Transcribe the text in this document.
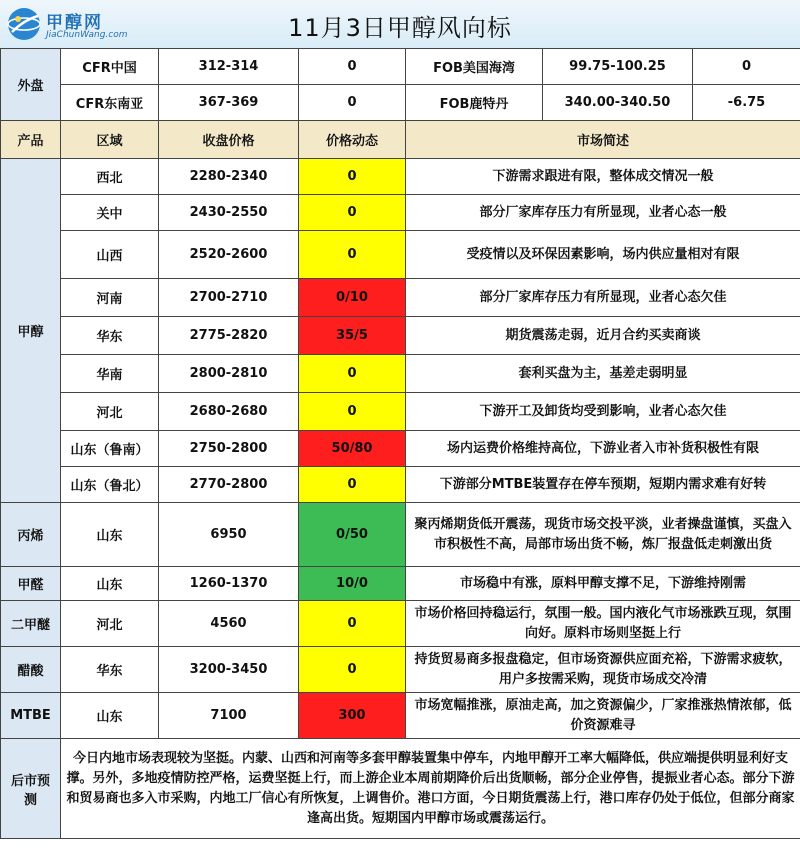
甲醇网
JiaChunWang.com	11月3日甲醇风向标
外盘	CFR中国	312-314	0	FOB美国海湾	99.75-100.25	0
	CFR东南亚	367-369	0	FOB鹿特丹	340.00-340.50	-6.75
产品	区域	收盘价格	价格动态	市场简述		
甲醇	西北	2280-2340	0	下游需求跟进有限，整体成交情况一般		
	关中	2430-2550	0	部分厂家库存压力有所显现，业者心态一般		
	山西	2520-2600	0	受疫情以及环保因素影响，场内供应量相对有限		
	河南	2700-2710	0/10	部分厂家库存压力有所显现，业者心态欠佳		
	华东	2775-2820	35/5	期货震荡走弱，近月合约买卖商谈		
	华南	2800-2810	0	套利买盘为主，基差走弱明显		
	河北	2680-2680	0	下游开工及卸货均受到影响，业者心态欠佳		
	山东（鲁南）	2750-2800	50/80	场内运费价格维持高位，下游业者入市补货积极性有限		
	山东（鲁北）	2770-2800	0	下游部分MTBE装置存在停车预期，短期内需求难有好转		
丙烯	山东	6950	0/50	聚丙烯期货低开震荡，现货市场交投平淡，业者操盘谨慎，买盘入市积极性不高，局部市场出货不畅，炼厂报盘低走刺激出货		
甲醛	山东	1260-1370	10/0	市场稳中有涨，原料甲醇支撑不足，下游维持刚需		
二甲醚	河北	4560	0	市场价格回持稳运行，氛围一般。国内液化气市场涨跌互现，氛围向好。原料市场则坚挺上行		
醋酸	华东	3200-3450	0	持货贸易商多报盘稳定，但市场资源供应面充裕，下游需求疲软，用户多按需采购，现货市场成交冷清		
MTBE	山东	7100	300	市场宽幅推涨，原油走高，加之资源偏少，厂家推涨热情浓郁，低价资源难寻		
后市预测	今日内地市场表现较为坚挺。内蒙、山西和河南等多套甲醇装置集中停车，内地甲醇开工率大幅降低，供应端提供明显利好支撑。另外，多地疫情防控严格，运费坚挺上行，而上游企业本周前期降价后出货顺畅，部分企业停售，提振业者心态。部分下游和贸易商也多入市采购，内地工厂信心有所恢复，上调售价。港口方面，今日期货震荡上行，港口库存仍处于低位，但部分商家逢高出货。短期国内甲醇市场或震荡运行。					
